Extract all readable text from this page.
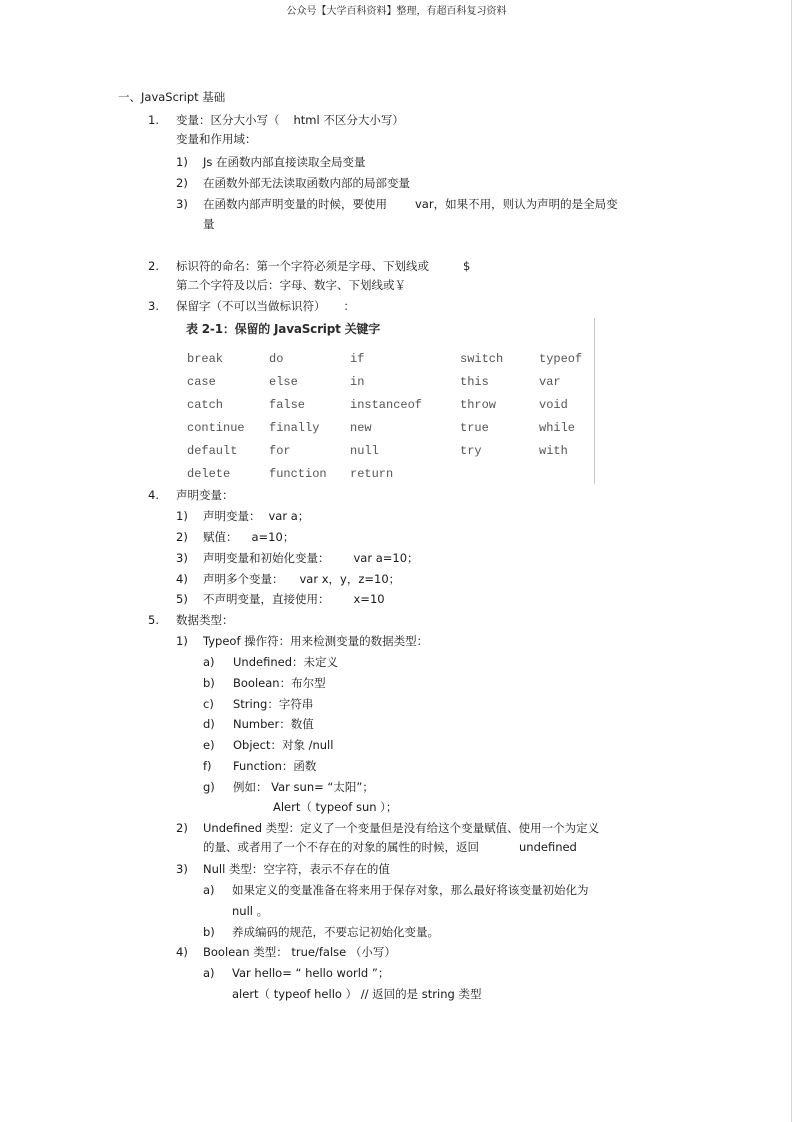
公众号【大学百科资料】整理，有超百科复习资料
一、JavaScript 基础
1. 变量：区分大小写（ html 不区分大小写）
变量和作用域：
1) Js 在函数内部直接读取全局变量
2) 在函数外部无法读取函数内部的局部变量
3) 在函数内部声明变量的时候，要使用 var，如果不用，则认为声明的是全局变
量
2. 标识符的命名：第一个字符必须是字母、下划线或	$
第二个字符及以后：字母、数字、下划线或￥
3. 保留字（不可以当做标识符） ：
表 2-1：保留的 JavaScript 关键字
break	do	if	switch	typeof
case	else	in	this	var
catch	false	instanceof	throw	void
continue finally	new	true	while
default	for	null	try	with
delete	function return
4. 声明变量：
1) 声明变量： var a；
2) 赋值： a=10；
3) 声明变量和初始化变量： var a=10；
4) 声明多个变量： var x，y，z=10；
5) 不声明变量，直接使用： x=10
5. 数据类型：
1) Typeof 操作符：用来检测变量的数据类型：
a) Undefined：未定义
b) Boolean：布尔型
c) String：字符串
d) Number：数值
e) Object：对象 /null
f) Function：函数
g) 例如： Var sun= “太阳”；
Alert（ typeof sun ）；
2) Undefined 类型：定义了一个变量但是没有给这个变量赋值、使用一个为定义
的量、或者用了一个不存在的对象的属性的时候，返回	undefined
3) Null 类型：空字符，表示不存在的值
a) 如果定义的变量准备在将来用于保存对象，那么最好将该变量初始化为
null 。
b) 养成编码的规范，不要忘记初始化变量。
4) Boolean 类型： true/false （小写）
a) Var hello= “ hello world ”；
alert（ typeof hello ） // 返回的是 string 类型
